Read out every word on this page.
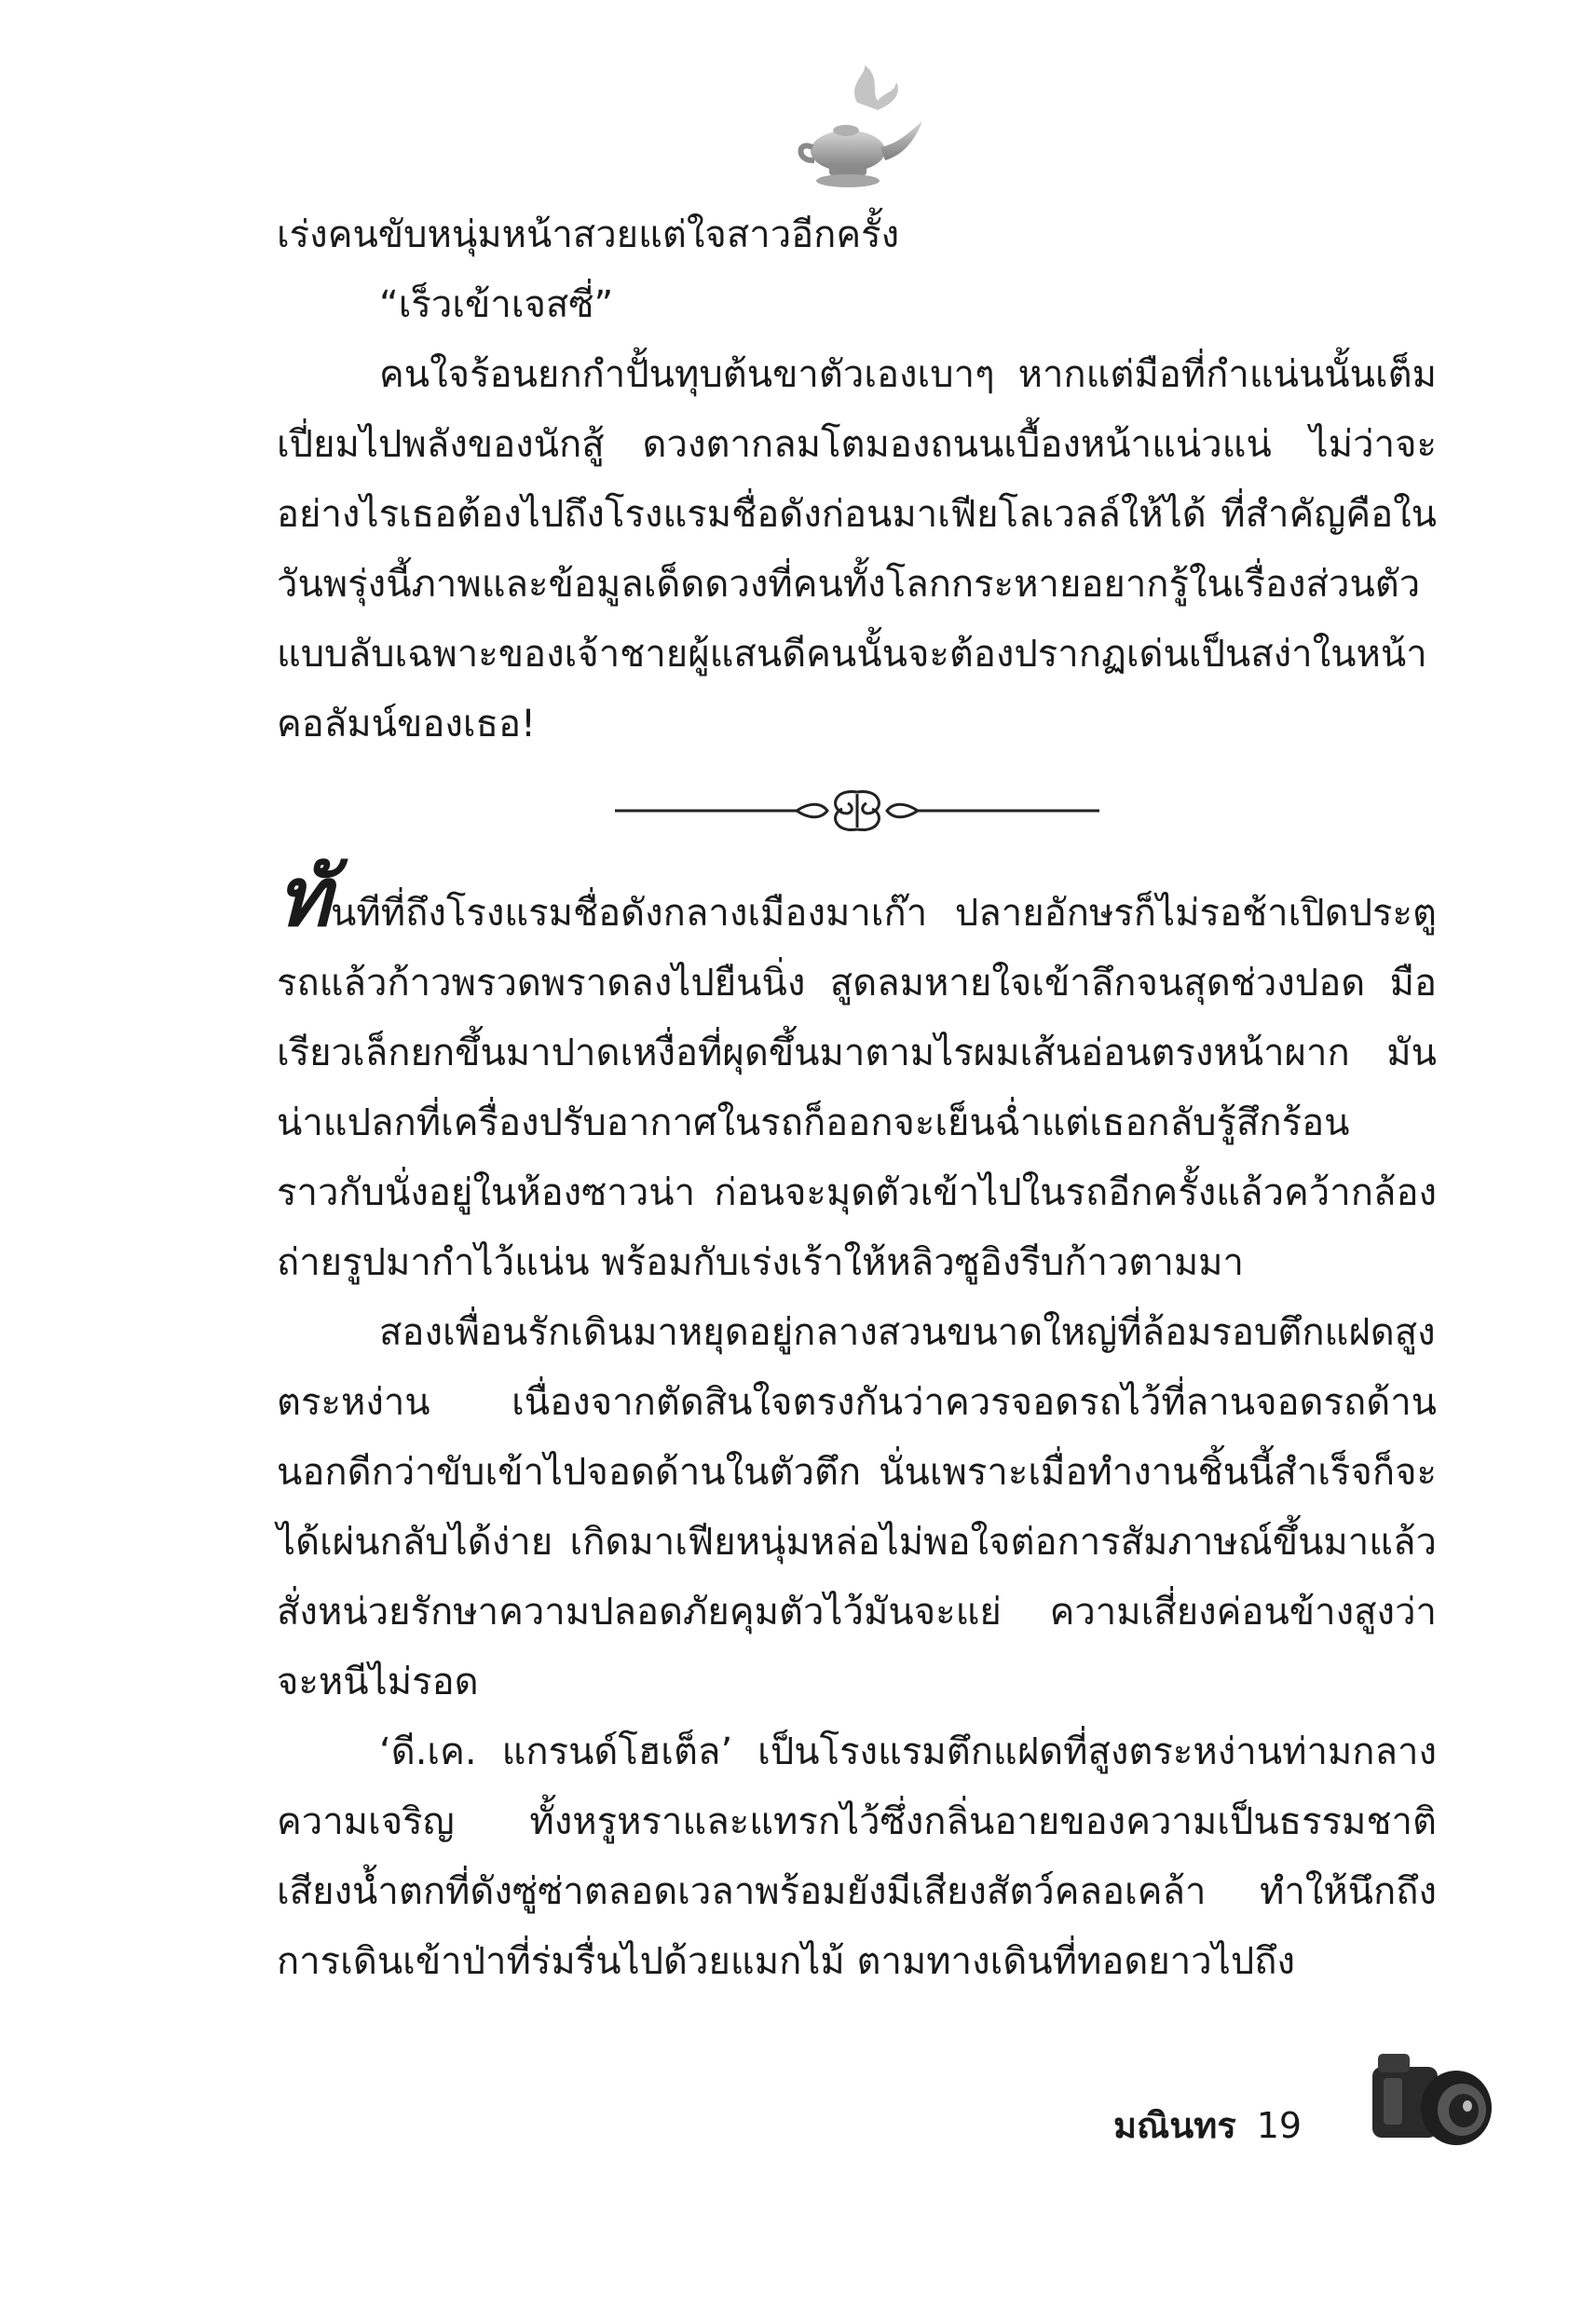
เร่งคนขับหนุ่มหน้าสวยแต่ใจสาวอีกครั้ง

“เร็วเข้าเจสซี่”

คนใจร้อนยกกำปั้นทุบต้นขาตัวเองเบาๆ หากแต่มือที่กำแน่นนั้นเต็มเปี่ยมไปพลังของนักสู้ ดวงตากลมโตมองถนนเบื้องหน้าแน่วแน่ ไม่ว่าจะอย่างไรเธอต้องไปถึงโรงแรมชื่อดังก่อนมาเฟียโลเวลล์ให้ได้ ที่สำคัญคือในวันพรุ่งนี้ภาพและข้อมูลเด็ดดวงที่คนทั้งโลกกระหายอยากรู้ในเรื่องส่วนตัวแบบลับเฉพาะของเจ้าชายผู้แสนดีคนนั้นจะต้องปรากฏเด่นเป็นสง่าในหน้าคอลัมน์ของเธอ!

ทันทีที่ถึงโรงแรมชื่อดังกลางเมืองมาเก๊า ปลายอักษรก็ไม่รอช้าเปิดประตูรถแล้วก้าวพรวดพราดลงไปยืนนิ่ง สูดลมหายใจเข้าลึกจนสุดช่วงปอด มือเรียวเล็กยกขึ้นมาปาดเหงื่อที่ผุดขึ้นมาตามไรผมเส้นอ่อนตรงหน้าผาก มันน่าแปลกที่เครื่องปรับอากาศในรถก็ออกจะเย็นฉ่ำแต่เธอกลับรู้สึกร้อนราวกับนั่งอยู่ในห้องซาวน่า ก่อนจะมุดตัวเข้าไปในรถอีกครั้งแล้วคว้ากล้องถ่ายรูปมากำไว้แน่น พร้อมกับเร่งเร้าให้หลิวซูอิงรีบก้าวตามมา

สองเพื่อนรักเดินมาหยุดอยู่กลางสวนขนาดใหญ่ที่ล้อมรอบตึกแฝดสูงตระหง่าน เนื่องจากตัดสินใจตรงกันว่าควรจอดรถไว้ที่ลานจอดรถด้านนอกดีกว่าขับเข้าไปจอดด้านในตัวตึก นั่นเพราะเมื่อทำงานชิ้นนี้สำเร็จก็จะได้เผ่นกลับได้ง่าย เกิดมาเฟียหนุ่มหล่อไม่พอใจต่อการสัมภาษณ์ขึ้นมาแล้วสั่งหน่วยรักษาความปลอดภัยคุมตัวไว้มันจะแย่ ความเสี่ยงค่อนข้างสูงว่าจะหนีไม่รอด

‘ดี.เค. แกรนด์โฮเต็ล’ เป็นโรงแรมตึกแฝดที่สูงตระหง่านท่ามกลางความเจริญ ทั้งหรูหราและแทรกไว้ซึ่งกลิ่นอายของความเป็นธรรมชาติ เสียงน้ำตกที่ดังซู่ซ่าตลอดเวลาพร้อมยังมีเสียงสัตว์คลอเคล้า ทำให้นึกถึงการเดินเข้าป่าที่ร่มรื่นไปด้วยแมกไม้ ตามทางเดินที่ทอดยาวไปถึง

มณินทร 19
